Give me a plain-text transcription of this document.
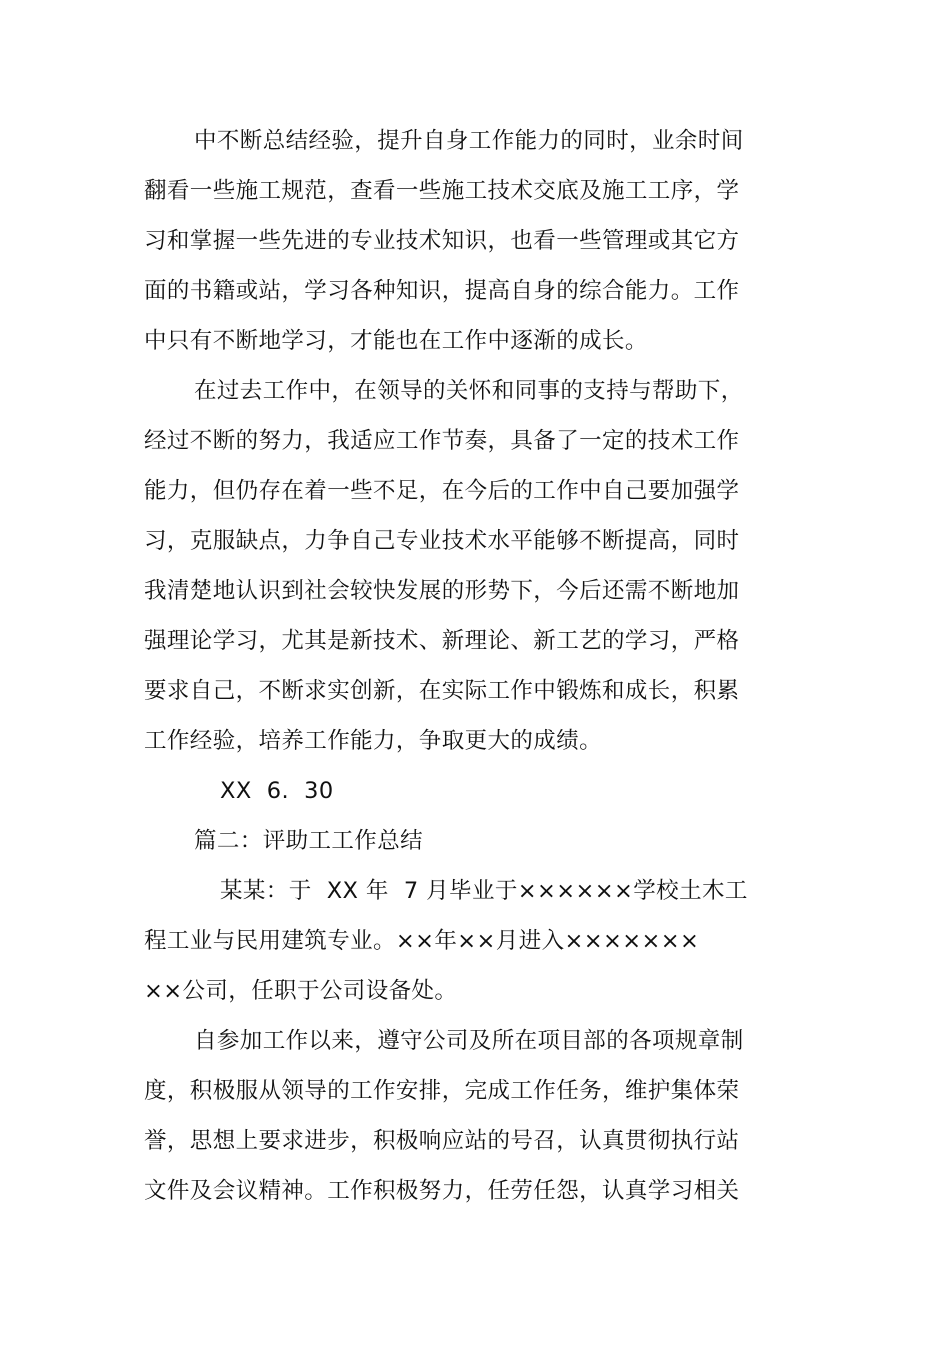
中不断总结经验，提升自身工作能力的同时，业余时间
翻看一些施工规范，查看一些施工技术交底及施工工序，学
习和掌握一些先进的专业技术知识，也看一些管理或其它方
面的书籍或站，学习各种知识，提高自身的综合能力。工作
中只有不断地学习，才能也在工作中逐渐的成长。
在过去工作中，在领导的关怀和同事的支持与帮助下，
经过不断的努力，我适应工作节奏，具备了一定的技术工作
能力，但仍存在着一些不足，在今后的工作中自己要加强学
习，克服缺点，力争自己专业技术水平能够不断提高，同时
我清楚地认识到社会较快发展的形势下，今后还需不断地加
强理论学习，尤其是新技术、新理论、新工艺的学习，严格
要求自己，不断求实创新，在实际工作中锻炼和成长，积累
工作经验，培养工作能力，争取更大的成绩。
XX  6.  30
篇二：评助工工作总结
某某：于  XX 年  7 月毕业于××××××学校土木工
程工业与民用建筑专业。××年××月进入×××××××
××公司，任职于公司设备处。
自参加工作以来，遵守公司及所在项目部的各项规章制
度，积极服从领导的工作安排，完成工作任务，维护集体荣
誉，思想上要求进步，积极响应站的号召，认真贯彻执行站
文件及会议精神。工作积极努力，任劳任怨，认真学习相关
